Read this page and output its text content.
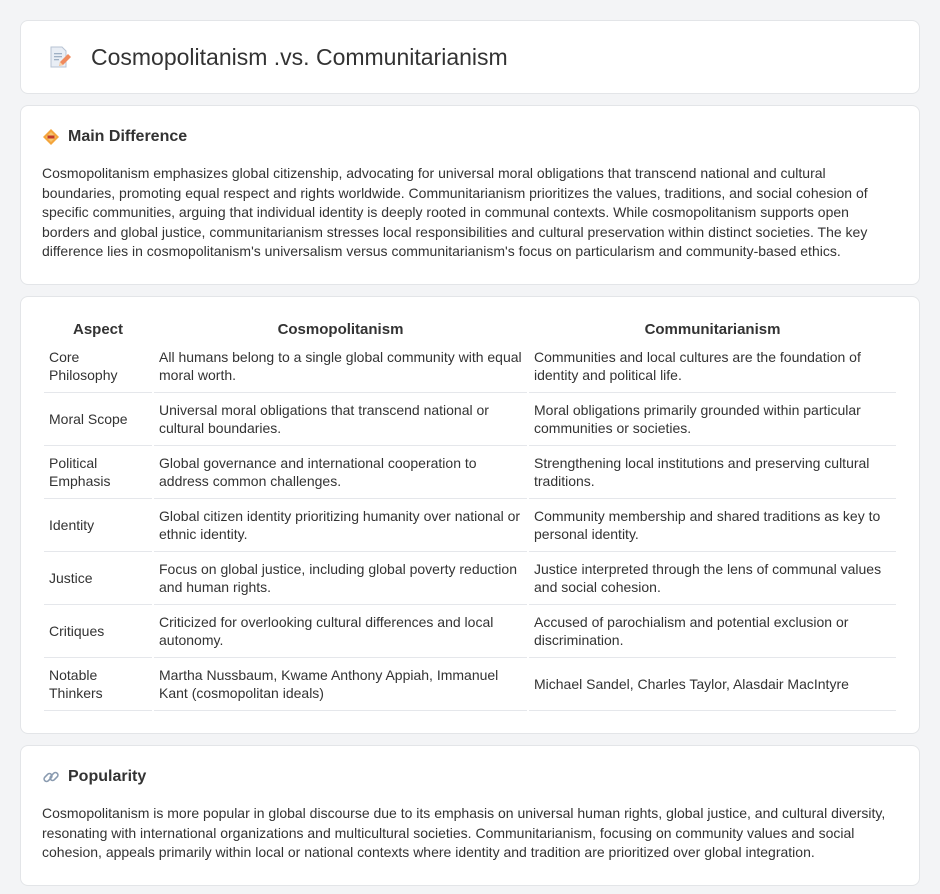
Cosmopolitanism .vs. Communitarianism
Main Difference

Cosmopolitanism emphasizes global citizenship, advocating for universal moral obligations that transcend national and cultural boundaries, promoting equal respect and rights worldwide. Communitarianism prioritizes the values, traditions, and social cohesion of specific communities, arguing that individual identity is deeply rooted in communal contexts. While cosmopolitanism supports open borders and global justice, communitarianism stresses local responsibilities and cultural preservation within distinct societies. The key difference lies in cosmopolitanism's universalism versus communitarianism's focus on particularism and community-based ethics.

Aspect	Cosmopolitanism	Communitarianism
Core Philosophy	All humans belong to a single global community with equal moral worth.	Communities and local cultures are the foundation of identity and political life.
Moral Scope	Universal moral obligations that transcend national or cultural boundaries.	Moral obligations primarily grounded within particular communities or societies.
Political Emphasis	Global governance and international cooperation to address common challenges.	Strengthening local institutions and preserving cultural traditions.
Identity	Global citizen identity prioritizing humanity over national or ethnic identity.	Community membership and shared traditions as key to personal identity.
Justice	Focus on global justice, including global poverty reduction and human rights.	Justice interpreted through the lens of communal values and social cohesion.
Critiques	Criticized for overlooking cultural differences and local autonomy.	Accused of parochialism and potential exclusion or discrimination.
Notable Thinkers	Martha Nussbaum, Kwame Anthony Appiah, Immanuel Kant (cosmopolitan ideals)	Michael Sandel, Charles Taylor, Alasdair MacIntyre
Popularity

Cosmopolitanism is more popular in global discourse due to its emphasis on universal human rights, global justice, and cultural diversity, resonating with international organizations and multicultural societies. Communitarianism, focusing on community values and social cohesion, appeals primarily within local or national contexts where identity and tradition are prioritized over global integration.
